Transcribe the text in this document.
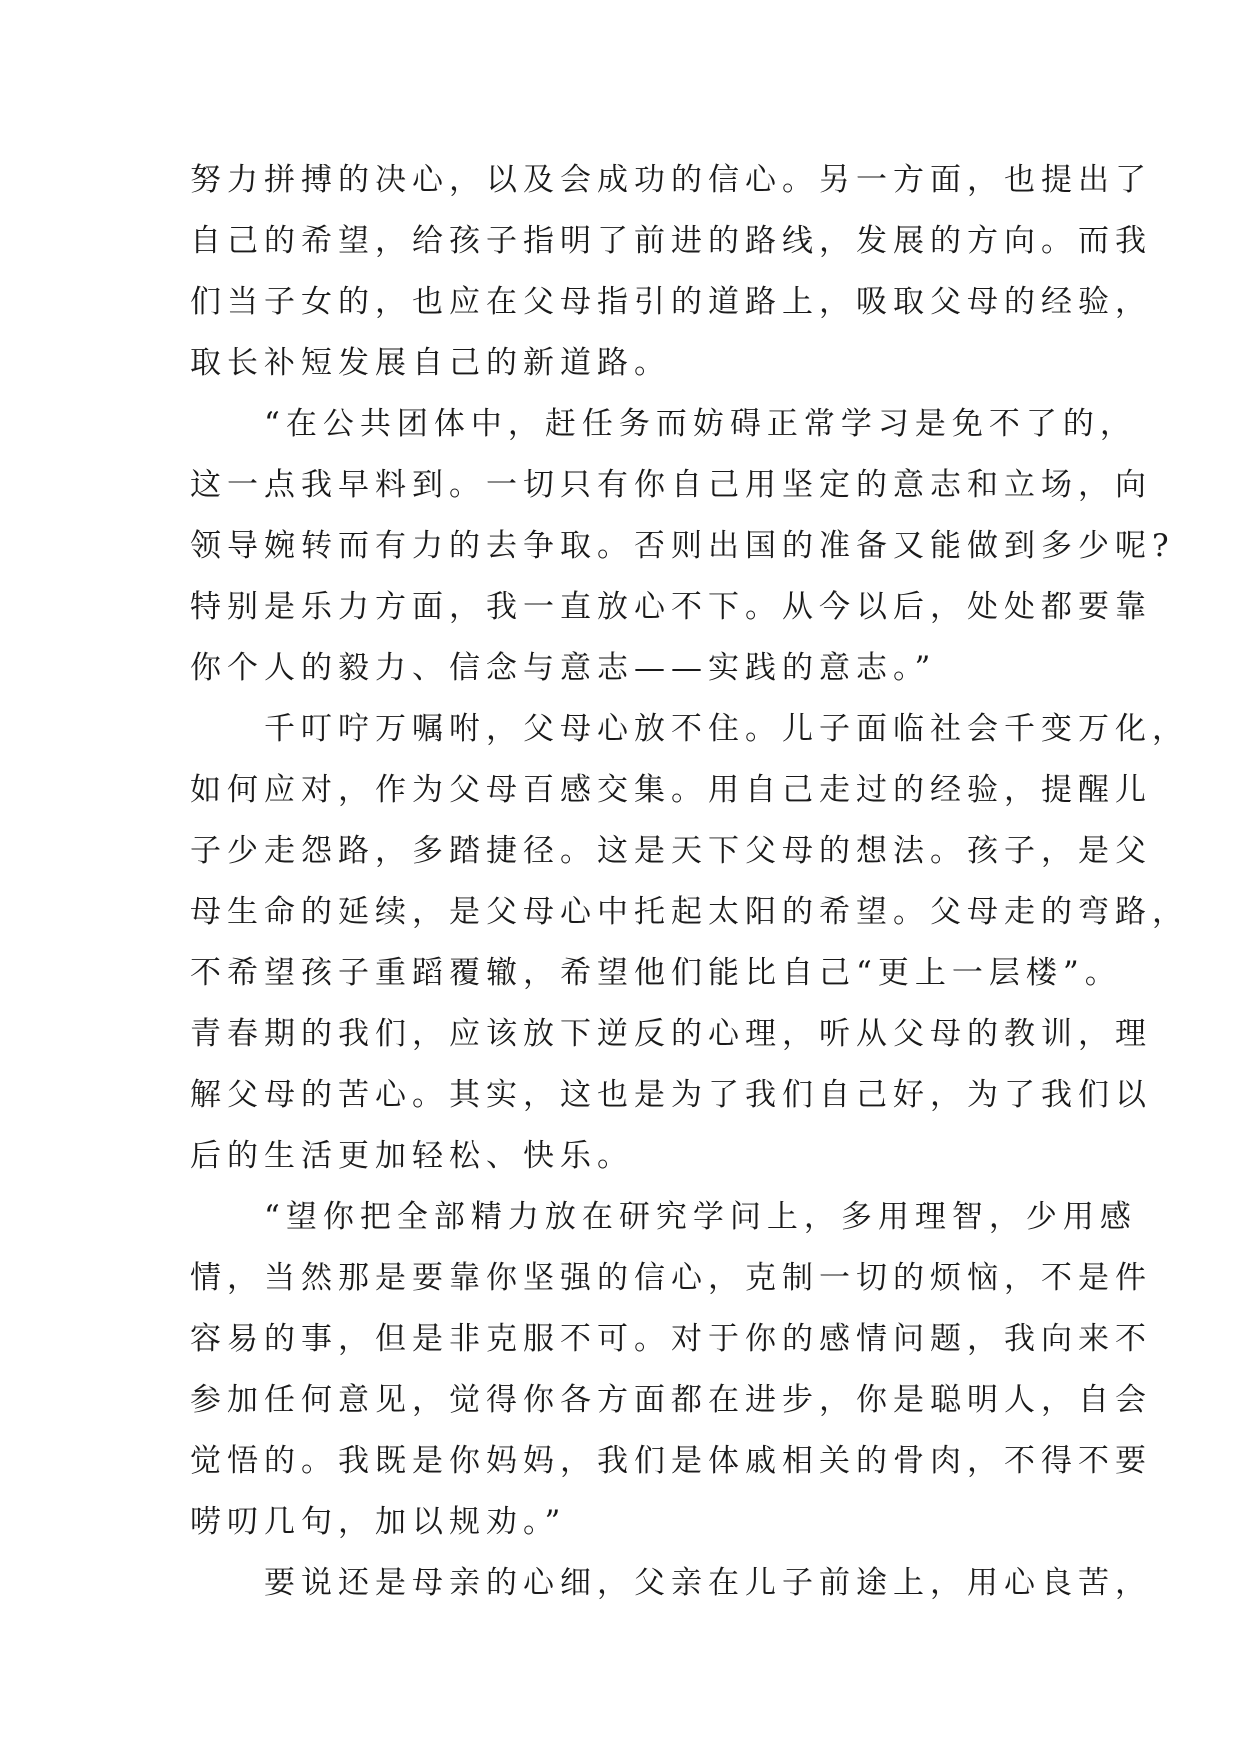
努力拼搏的决心，以及会成功的信心。另一方面，也提出了
自己的希望，给孩子指明了前进的路线，发展的方向。而我
们当子女的，也应在父母指引的道路上，吸取父母的经验，
取长补短发展自己的新道路。
“在公共团体中，赶任务而妨碍正常学习是免不了的，
这一点我早料到。一切只有你自己用坚定的意志和立场，向
领导婉转而有力的去争取。否则出国的准备又能做到多少呢?
特别是乐力方面，我一直放心不下。从今以后，处处都要靠
你个人的毅力、信念与意志——实践的意志。”
千叮咛万嘱咐，父母心放不住。儿子面临社会千变万化，
如何应对，作为父母百感交集。用自己走过的经验，提醒儿
子少走怨路，多踏捷径。这是天下父母的想法。孩子，是父
母生命的延续，是父母心中托起太阳的希望。父母走的弯路，
不希望孩子重蹈覆辙，希望他们能比自己“更上一层楼”。
青春期的我们，应该放下逆反的心理，听从父母的教训，理
解父母的苦心。其实，这也是为了我们自己好，为了我们以
后的生活更加轻松、快乐。
“望你把全部精力放在研究学问上，多用理智，少用感
情，当然那是要靠你坚强的信心，克制一切的烦恼，不是件
容易的事，但是非克服不可。对于你的感情问题，我向来不
参加任何意见，觉得你各方面都在进步，你是聪明人，自会
觉悟的。我既是你妈妈，我们是体戚相关的骨肉，不得不要
唠叨几句，加以规劝。”
要说还是母亲的心细，父亲在儿子前途上，用心良苦，
